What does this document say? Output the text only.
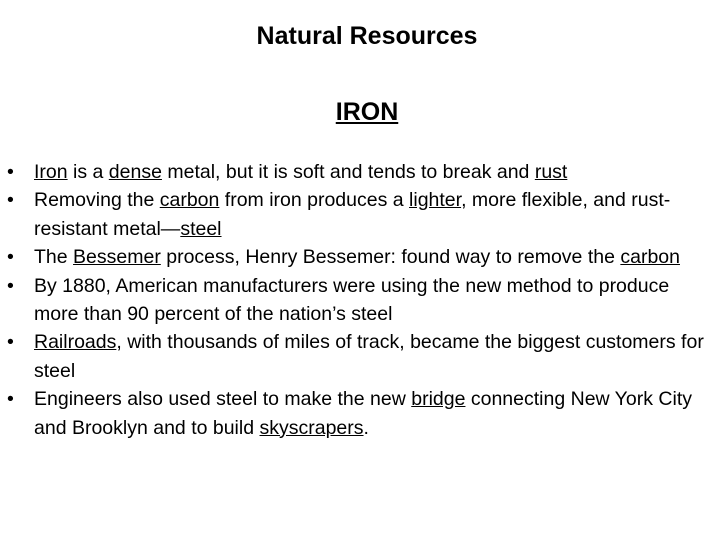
Natural Resources
IRON
•	Iron is a dense metal, but it is soft and tends to break and rust
•	Removing the carbon from iron produces a lighter, more flexible, and rust-resistant metal—steel
•	The Bessemer process, Henry Bessemer: found way to remove the carbon
•	By 1880, American manufacturers were using the new method to produce more than 90 percent of the nation’s steel
•	Railroads, with thousands of miles of track, became the biggest customers for steel
•	Engineers also used steel to make the new bridge connecting New York City and Brooklyn and to build skyscrapers.
